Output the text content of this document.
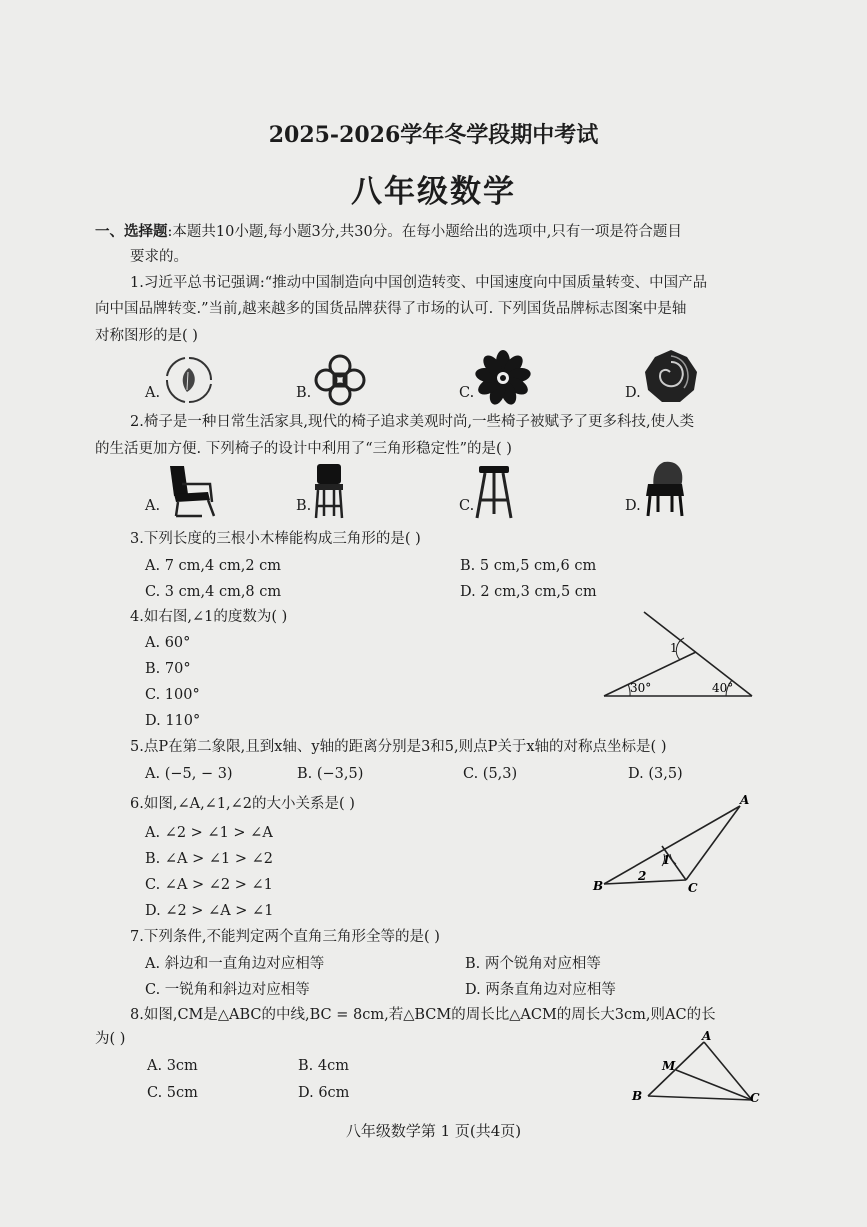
2025-2026学年冬学段期中考试
八年级数学
一、选择题:本题共10小题,每小题3分,共30分。在每小题给出的选项中,只有一项是符合题目
要求的。
1.习近平总书记强调:“推动中国制造向中国创造转变、中国速度向中国质量转变、中国产品
向中国品牌转变.”当前,越来越多的国货品牌获得了市场的认可. 下列国货品牌标志图案中是轴
对称图形的是( )
A.	B.	C.	D.
2.椅子是一种日常生活家具,现代的椅子追求美观时尚,一些椅子被赋予了更多科技,使人类
的生活更加方便. 下列椅子的设计中利用了“三角形稳定性”的是( )
A.	B.	C.	D.
3.下列长度的三根小木棒能构成三角形的是( )
A. 7 cm,4 cm,2 cm	B. 5 cm,5 cm,6 cm
C. 3 cm,4 cm,8 cm	D. 2 cm,3 cm,5 cm
4.如右图,∠1的度数为( )
A. 60°
B. 70°
C. 100°
D. 110°
1
30°	40°
5.点P在第二象限,且到x轴、y轴的距离分别是3和5,则点P关于x轴的对称点坐标是( )
A. (−5, − 3)	B. (−3,5)	C. (5,3)	D. (3,5)
6.如图,∠A,∠1,∠2的大小关系是( )
A. ∠2 > ∠1 > ∠A
B. ∠A > ∠1 > ∠2
C. ∠A > ∠2 > ∠1
D. ∠2 > ∠A > ∠1
A
B	C
1
2
7.下列条件,不能判定两个直角三角形全等的是( )
A. 斜边和一直角边对应相等	B. 两个锐角对应相等
C. 一锐角和斜边对应相等	D. 两条直角边对应相等
8.如图,CM是△ABC的中线,BC = 8cm,若△BCM的周长比△ACM的周长大3cm,则AC的长
为( )
A. 3cm	B. 4cm
C. 5cm	D. 6cm
A
M
B	C
八年级数学第 1 页(共4页)
